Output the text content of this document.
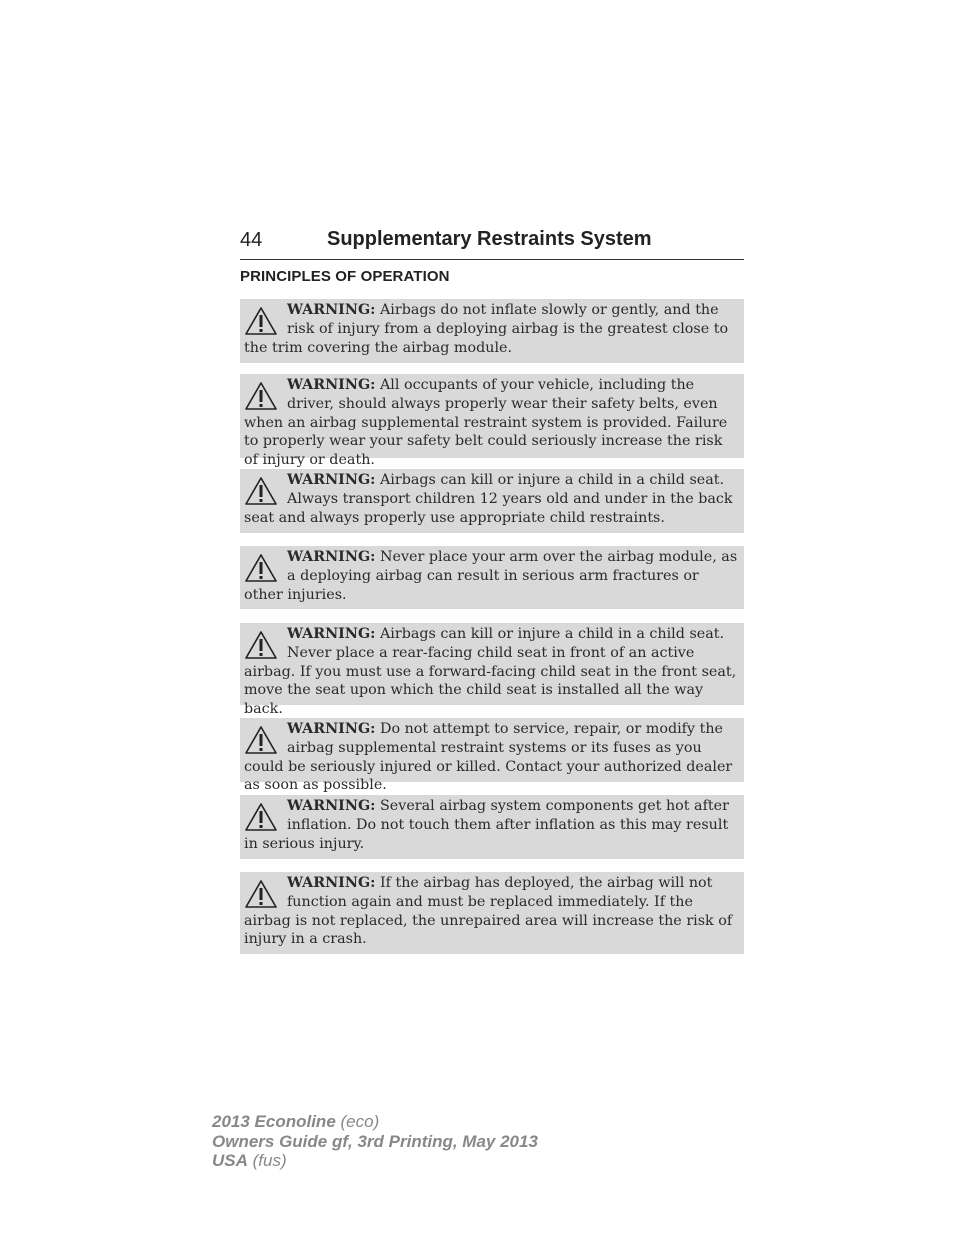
44	Supplementary Restraints System
PRINCIPLES OF OPERATION
WARNING: Airbags do not inflate slowly or gently, and the risk of injury from a deploying airbag is the greatest close to the trim covering the airbag module.
WARNING: All occupants of your vehicle, including the driver, should always properly wear their safety belts, even when an airbag supplemental restraint system is provided. Failure to properly wear your safety belt could seriously increase the risk of injury or death.
WARNING: Airbags can kill or injure a child in a child seat. Always transport children 12 years old and under in the back seat and always properly use appropriate child restraints.
WARNING: Never place your arm over the airbag module, as a deploying airbag can result in serious arm fractures or other injuries.
WARNING: Airbags can kill or injure a child in a child seat. Never place a rear-facing child seat in front of an active airbag. If you must use a forward-facing child seat in the front seat, move the seat upon which the child seat is installed all the way back.
WARNING: Do not attempt to service, repair, or modify the airbag supplemental restraint systems or its fuses as you could be seriously injured or killed. Contact your authorized dealer as soon as possible.
WARNING: Several airbag system components get hot after inflation. Do not touch them after inflation as this may result in serious injury.
WARNING: If the airbag has deployed, the airbag will not function again and must be replaced immediately. If the airbag is not replaced, the unrepaired area will increase the risk of injury in a crash.
2013 Econoline (eco)
Owners Guide gf, 3rd Printing, May 2013
USA (fus)
